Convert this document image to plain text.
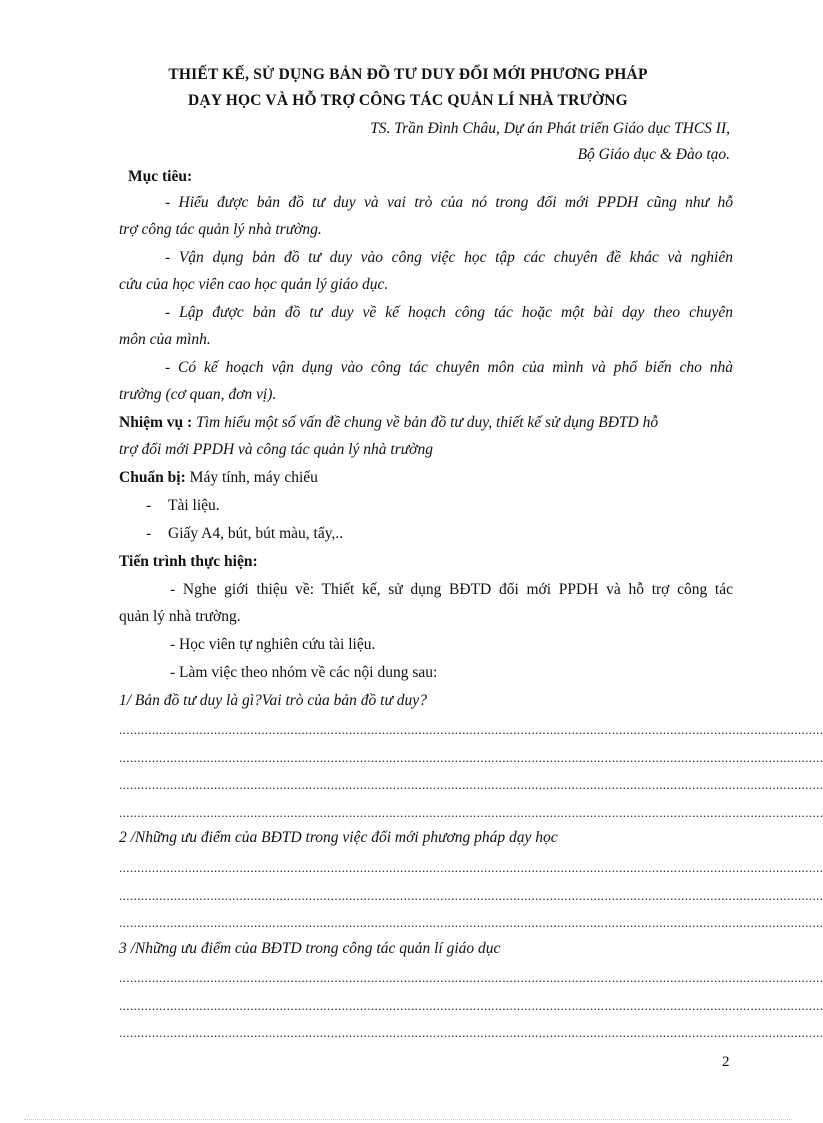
THIẾT KẾ, SỬ DỤNG BẢN ĐỒ TƯ DUY ĐỔI MỚI PHƯƠNG PHÁP
DẠY HỌC VÀ HỖ TRỢ CÔNG TÁC QUẢN LÍ NHÀ TRƯỜNG
TS. Trần Đình Châu, Dự án Phát triển Giáo dục THCS II,
Bộ Giáo dục & Đào tạo.
Mục tiêu:
- Hiểu được bản đồ tư duy và vai trò của nó trong đổi mới PPDH cũng như hỗ
trợ công tác quản lý nhà trường.
- Vận dụng bản đồ tư duy vào công việc học tập các chuyên đề khác và nghiên
cứu của học viên cao học quản lý giáo dục.
- Lập được bản đồ tư duy về kế hoạch công tác hoặc một bài dạy theo chuyên
môn của mình.
- Có kế hoạch vận dụng vào công tác chuyên môn của mình và phổ biến cho nhà
trường (cơ quan, đơn vị).
Nhiệm vụ : Tìm hiểu một số vấn đề chung về bản đồ tư duy, thiết kế sử dụng BĐTD hỗ
trợ đổi mới PPDH và công tác quản lý nhà trường
Chuẩn bị: Máy tính, máy chiếu
- Tài liệu.
- Giấy A4, bút, bút màu, tẩy,..
Tiến trình thực hiện:
- Nghe giới thiệu về: Thiết kế, sử dụng BĐTD đổi mới PPDH và hỗ trợ công tác
quản lý nhà trường.
- Học viên tự nghiên cứu tài liệu.
- Làm việc theo nhóm về các nội dung sau:
1/ Bản đồ tư duy là gì?Vai trò của bản đồ tư duy?
.................................................................................................................................................................................................
.................................................................................................................................................................................................
.................................................................................................................................................................................................
.................................................................................................................................................................................................
2 /Những ưu điểm của BĐTD trong việc đổi mới phương pháp dạy học
.................................................................................................................................................................................................
.................................................................................................................................................................................................
.................................................................................................................................................................................................
3 /Những ưu điểm của BĐTD trong công tác quản lí giáo dục
.................................................................................................................................................................................................
.................................................................................................................................................................................................
.................................................................................................................................................................................................
2
